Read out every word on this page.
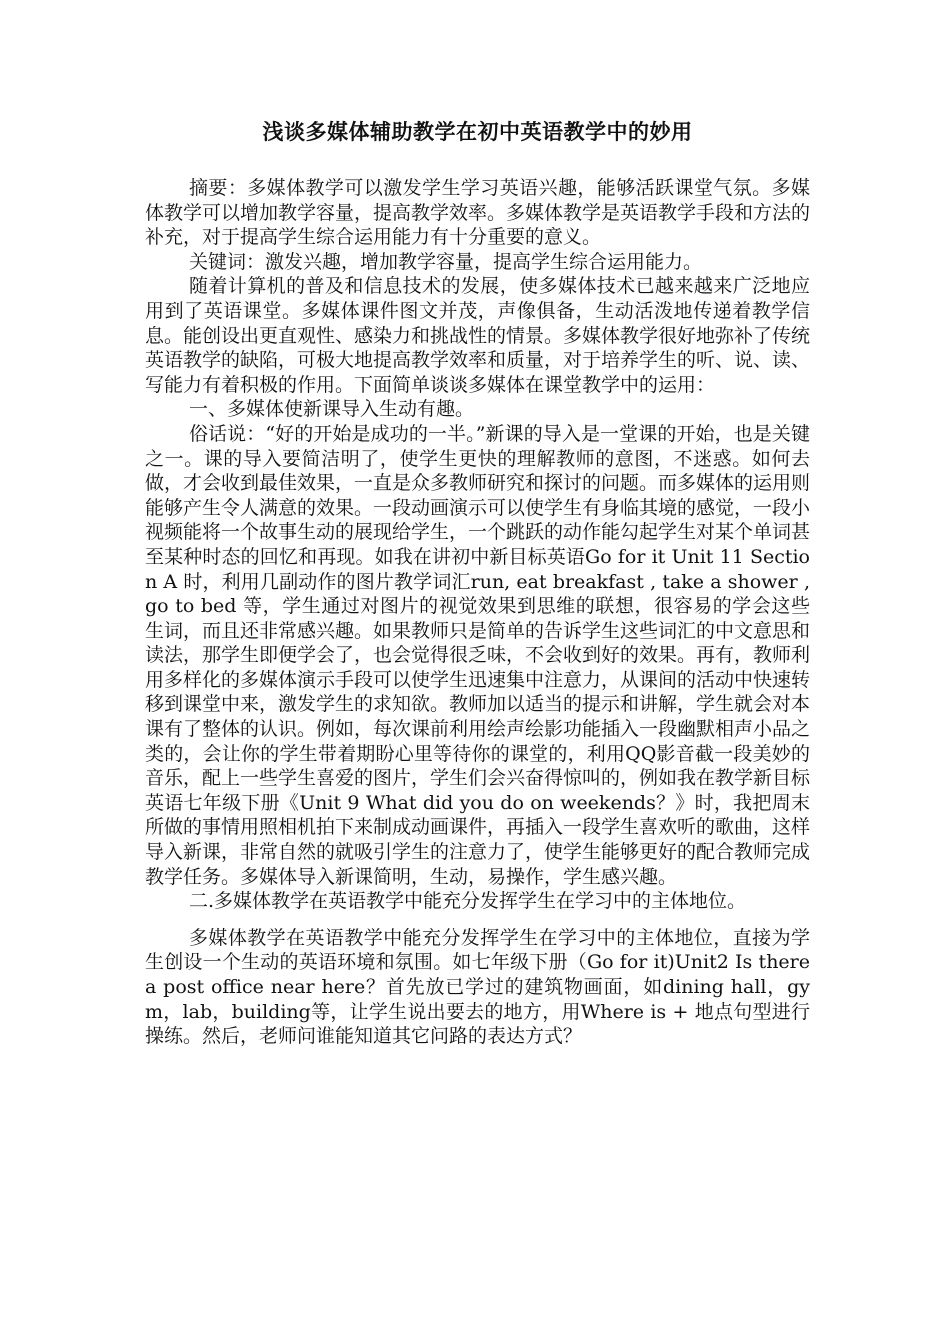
浅谈多媒体辅助教学在初中英语教学中的妙用

摘要：多媒体教学可以激发学生学习英语兴趣，能够活跃课堂气氛。多媒体教学可以增加教学容量，提高教学效率。多媒体教学是英语教学手段和方法的补充，对于提高学生综合运用能力有十分重要的意义。

关键词：激发兴趣，增加教学容量，提高学生综合运用能力。

随着计算机的普及和信息技术的发展，使多媒体技术已越来越来广泛地应用到了英语课堂。多媒体课件图文并茂，声像俱备，生动活泼地传递着教学信息。能创设出更直观性、感染力和挑战性的情景。多媒体教学很好地弥补了传统英语教学的缺陷，可极大地提高教学效率和质量，对于培养学生的听、说、读、写能力有着积极的作用。下面简单谈谈多媒体在课堂教学中的运用：

一、多媒体使新课导入生动有趣。

俗话说：“好的开始是成功的一半。”新课的导入是一堂课的开始，也是关键之一。课的导入要简洁明了，使学生更快的理解教师的意图，不迷惑。如何去做，才会收到最佳效果，一直是众多教师研究和探讨的问题。而多媒体的运用则能够产生令人满意的效果。一段动画演示可以使学生有身临其境的感觉，一段小视频能将一个故事生动的展现给学生，一个跳跃的动作能勾起学生对某个单词甚至某种时态的回忆和再现。如我在讲初中新目标英语Go for it Unit 11 Section A 时，利用几副动作的图片教学词汇run, eat breakfast , take a shower , go to bed 等，学生通过对图片的视觉效果到思维的联想，很容易的学会这些生词，而且还非常感兴趣。如果教师只是简单的告诉学生这些词汇的中文意思和读法，那学生即便学会了，也会觉得很乏味，不会收到好的效果。再有，教师利用多样化的多媒体演示手段可以使学生迅速集中注意力，从课间的活动中快速转移到课堂中来，激发学生的求知欲。教师加以适当的提示和讲解，学生就会对本课有了整体的认识。例如，每次课前利用绘声绘影功能插入一段幽默相声小品之类的，会让你的学生带着期盼心里等待你的课堂的，利用QQ影音截一段美妙的音乐，配上一些学生喜爱的图片，学生们会兴奋得惊叫的，例如我在教学新目标英语七年级下册《Unit 9 What did you do on weekends？》时，我把周末所做的事情用照相机拍下来制成动画课件，再插入一段学生喜欢听的歌曲，这样导入新课，非常自然的就吸引学生的注意力了，使学生能够更好的配合教师完成教学任务。多媒体导入新课简明，生动，易操作，学生感兴趣。

二.多媒体教学在英语教学中能充分发挥学生在学习中的主体地位。

多媒体教学在英语教学中能充分发挥学生在学习中的主体地位，直接为学生创设一个生动的英语环境和氛围。如七年级下册（Go for it)Unit2 Is there a post office near here？首先放已学过的建筑物画面，如dining hall，gym，lab，building等，让学生说出要去的地方，用Where is + 地点句型进行操练。然后，老师问谁能知道其它问路的表达方式？
